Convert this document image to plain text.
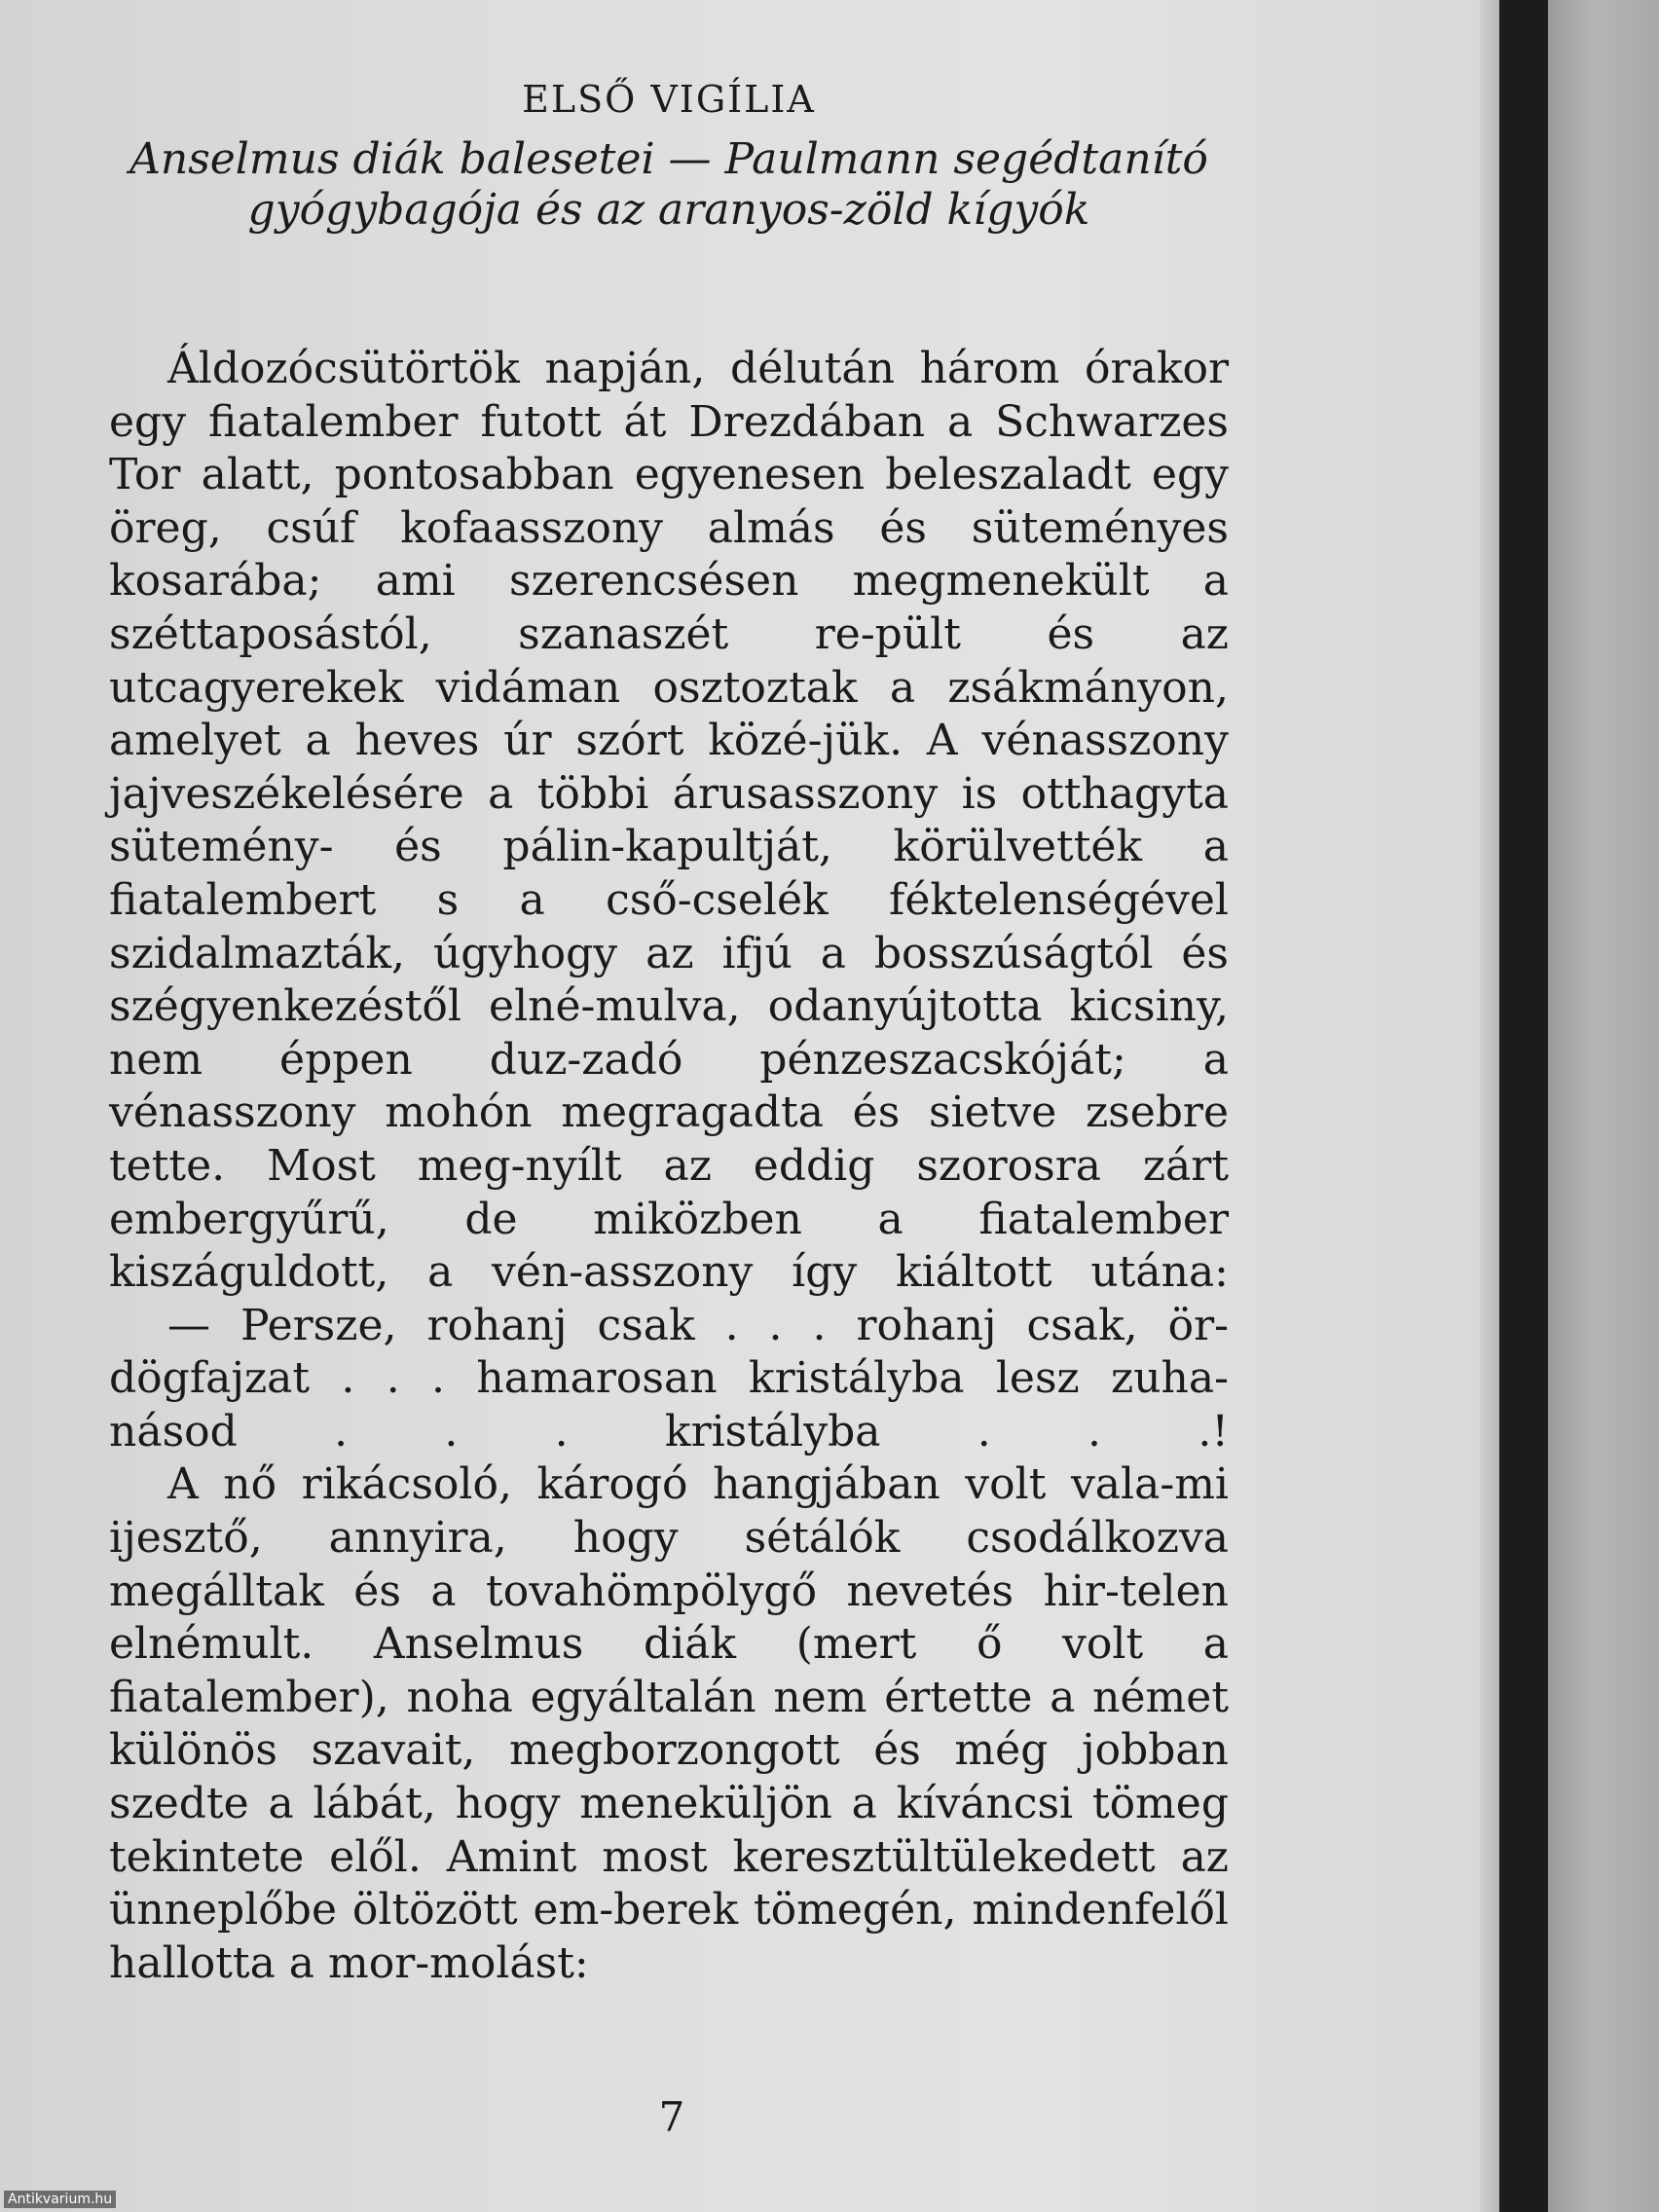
ELSŐ VIGÍLIA
Anselmus diák balesetei — Paulmann segédtanító gyógybagója és az aranyos-zöld kígyók

Áldozócsütörtök napján, délután három órakor egy fiatalember futott át Drezdában a Schwarzes Tor alatt, pontosabban egyenesen beleszaladt egy öreg, csúf kofaasszony almás és süteményes kosarába; ami szerencsésen megmenekült a széttaposástól, szanaszét re-pült és az utcagyerekek vidáman osztoztak a zsákmányon, amelyet a heves úr szórt közé-jük. A vénasszony jajveszékelésére a többi árusasszony is otthagyta sütemény- és pálin-kapultját, körülvették a fiatalembert s a cső-cselék féktelenségével szidalmazták, úgyhogy az ifjú a bosszúságtól és szégyenkezéstől elné-mulva, odanyújtotta kicsiny, nem éppen duz-zadó pénzeszacskóját; a vénasszony mohón megragadta és sietve zsebre tette. Most meg-nyílt az eddig szorosra zárt embergyűrű, de miközben a fiatalember kiszáguldott, a vén-asszony így kiáltott utána:

— Persze, rohanj csak . . . rohanj csak, ör-dögfajzat . . . hamarosan kristályba lesz zuha-násod . . . kristályba . . .!

A nő rikácsoló, károgó hangjában volt vala-mi ijesztő, annyira, hogy sétálók csodálkozva megálltak és a tovahömpölygő nevetés hir-telen elnémult. Anselmus diák (mert ő volt a fiatalember), noha egyáltalán nem értette a német különös szavait, megborzongott és még jobban szedte a lábát, hogy meneküljön a kíváncsi tömeg tekintete elől. Amint most keresztültülekedett az ünneplőbe öltözött em-berek tömegén, mindenfelől hallotta a mor-molást:

7
Antikvarium.hu
